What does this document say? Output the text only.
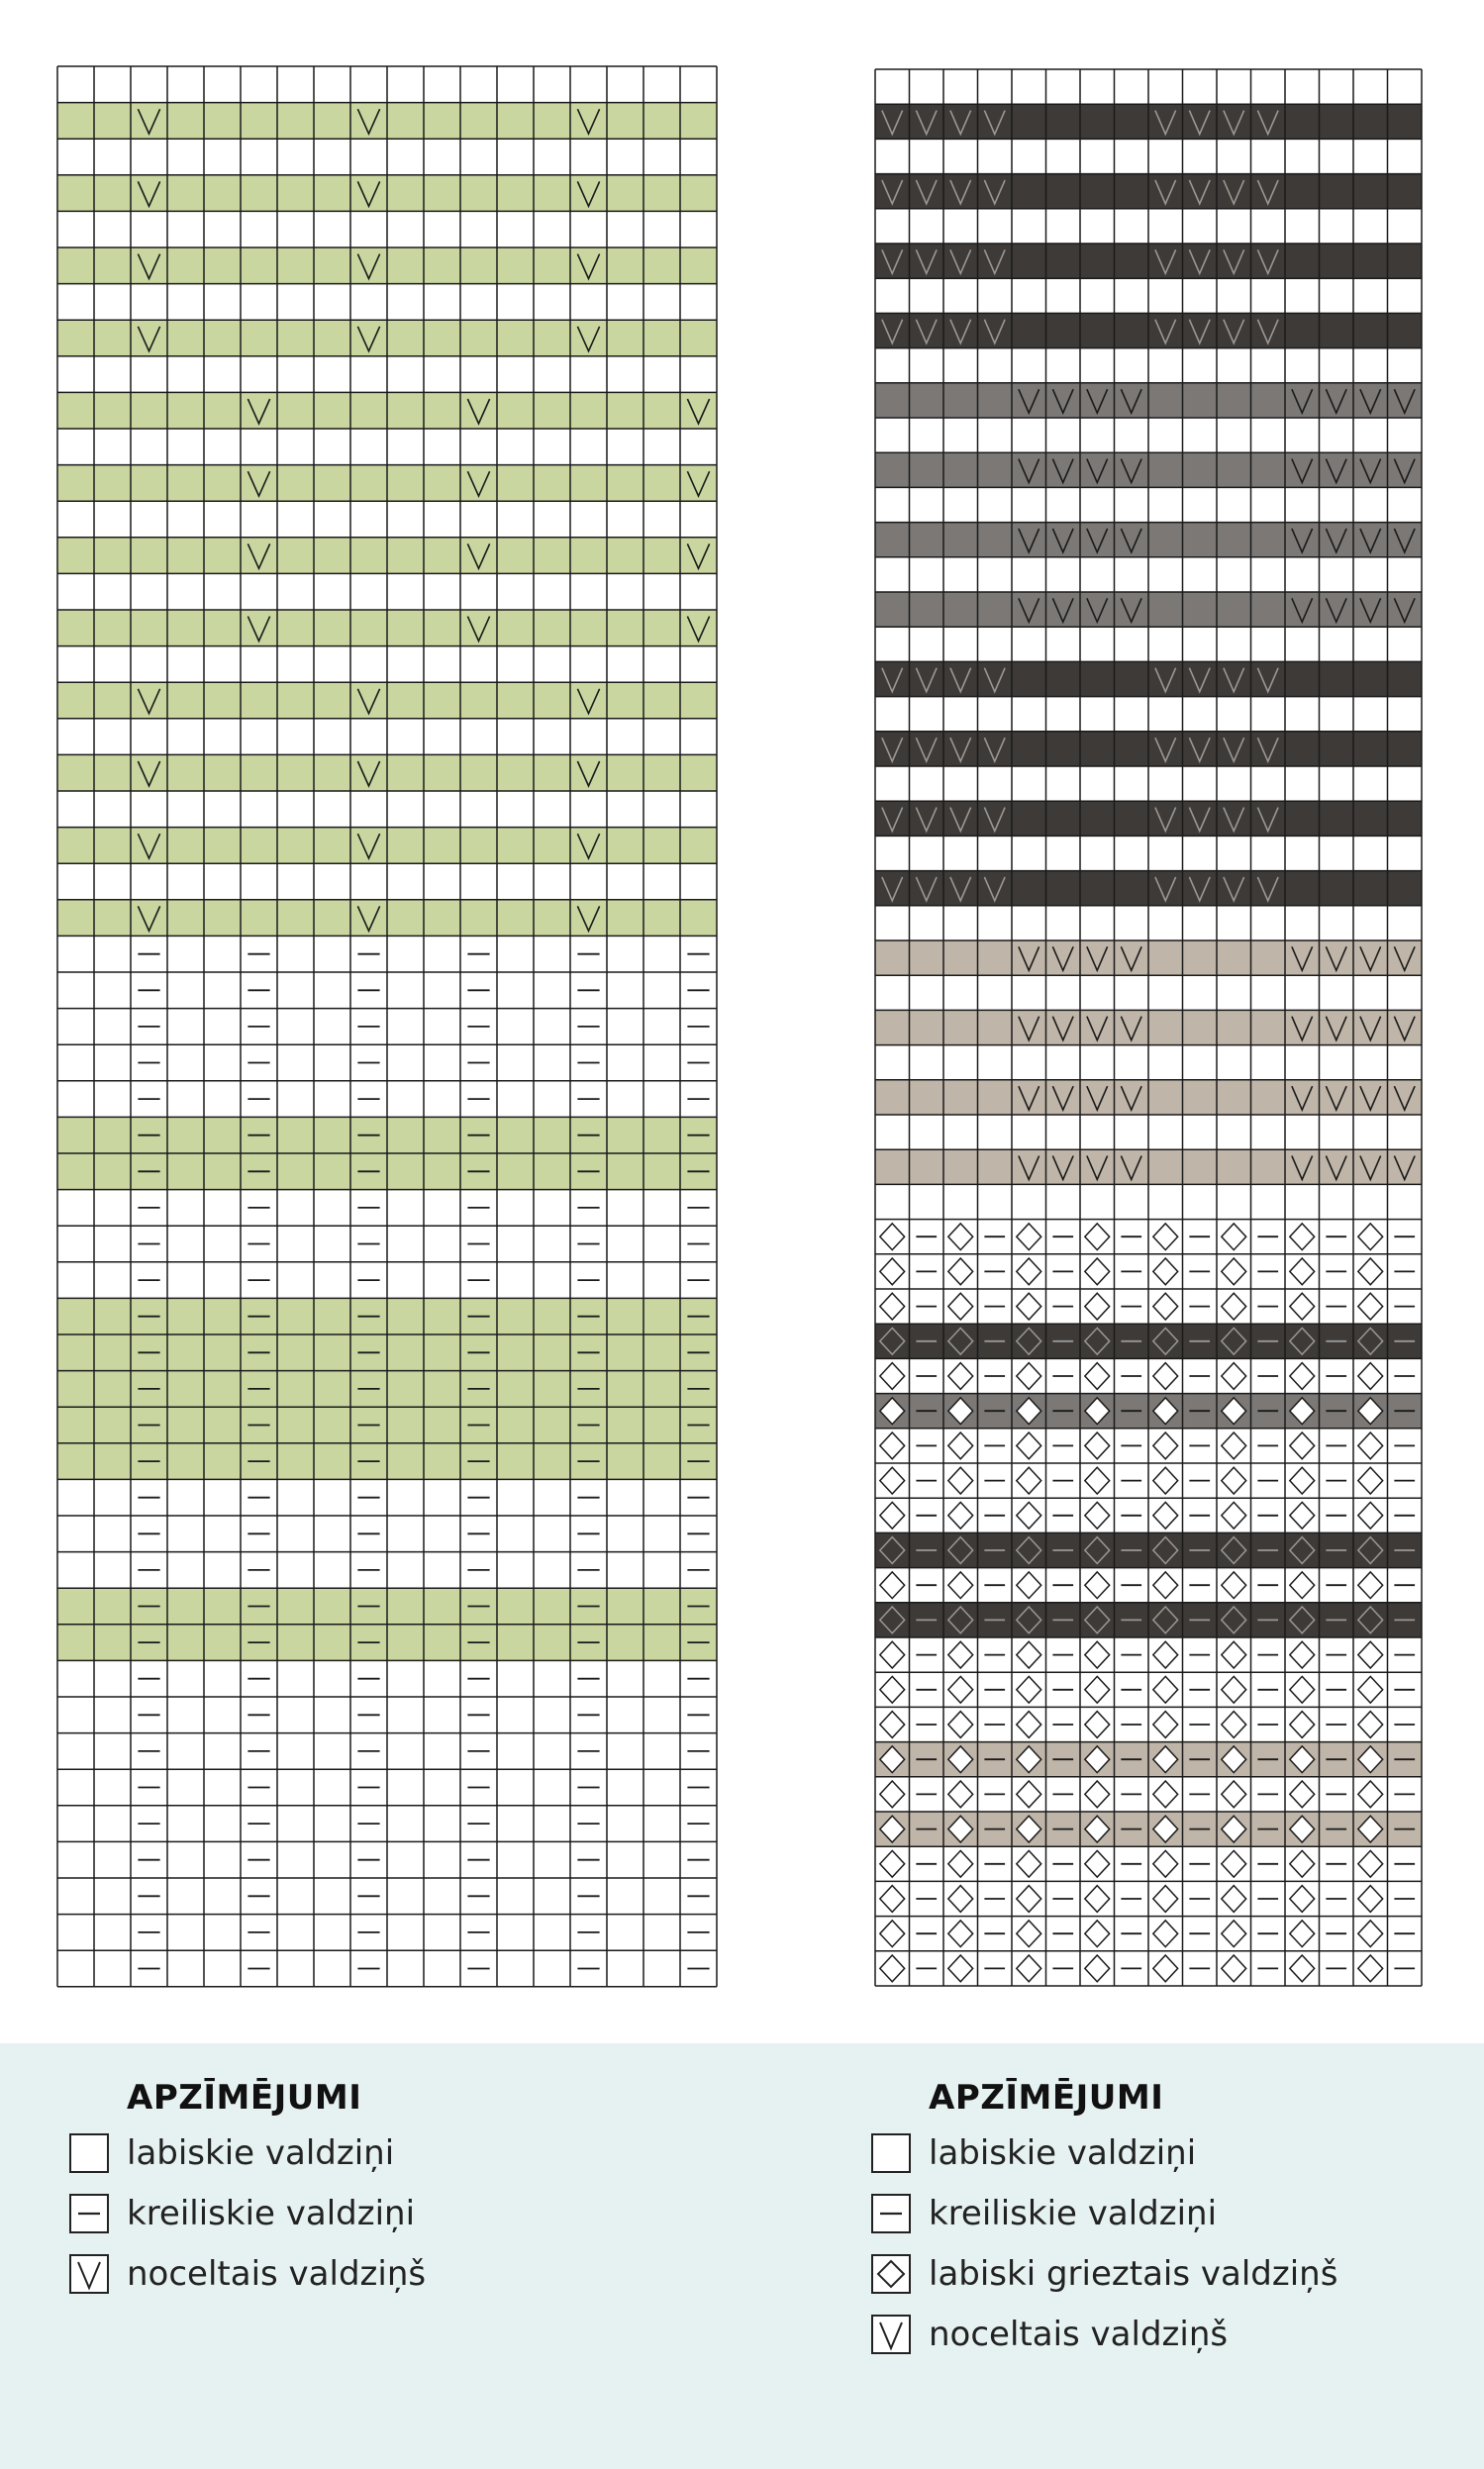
APZĪMĒJUMI
labiskie valdziņi
kreiliskie valdziņi
noceltais valdziņš
APZĪMĒJUMI
labiskie valdziņi
kreiliskie valdziņi
labiski grieztais valdziņš
noceltais valdziņš
